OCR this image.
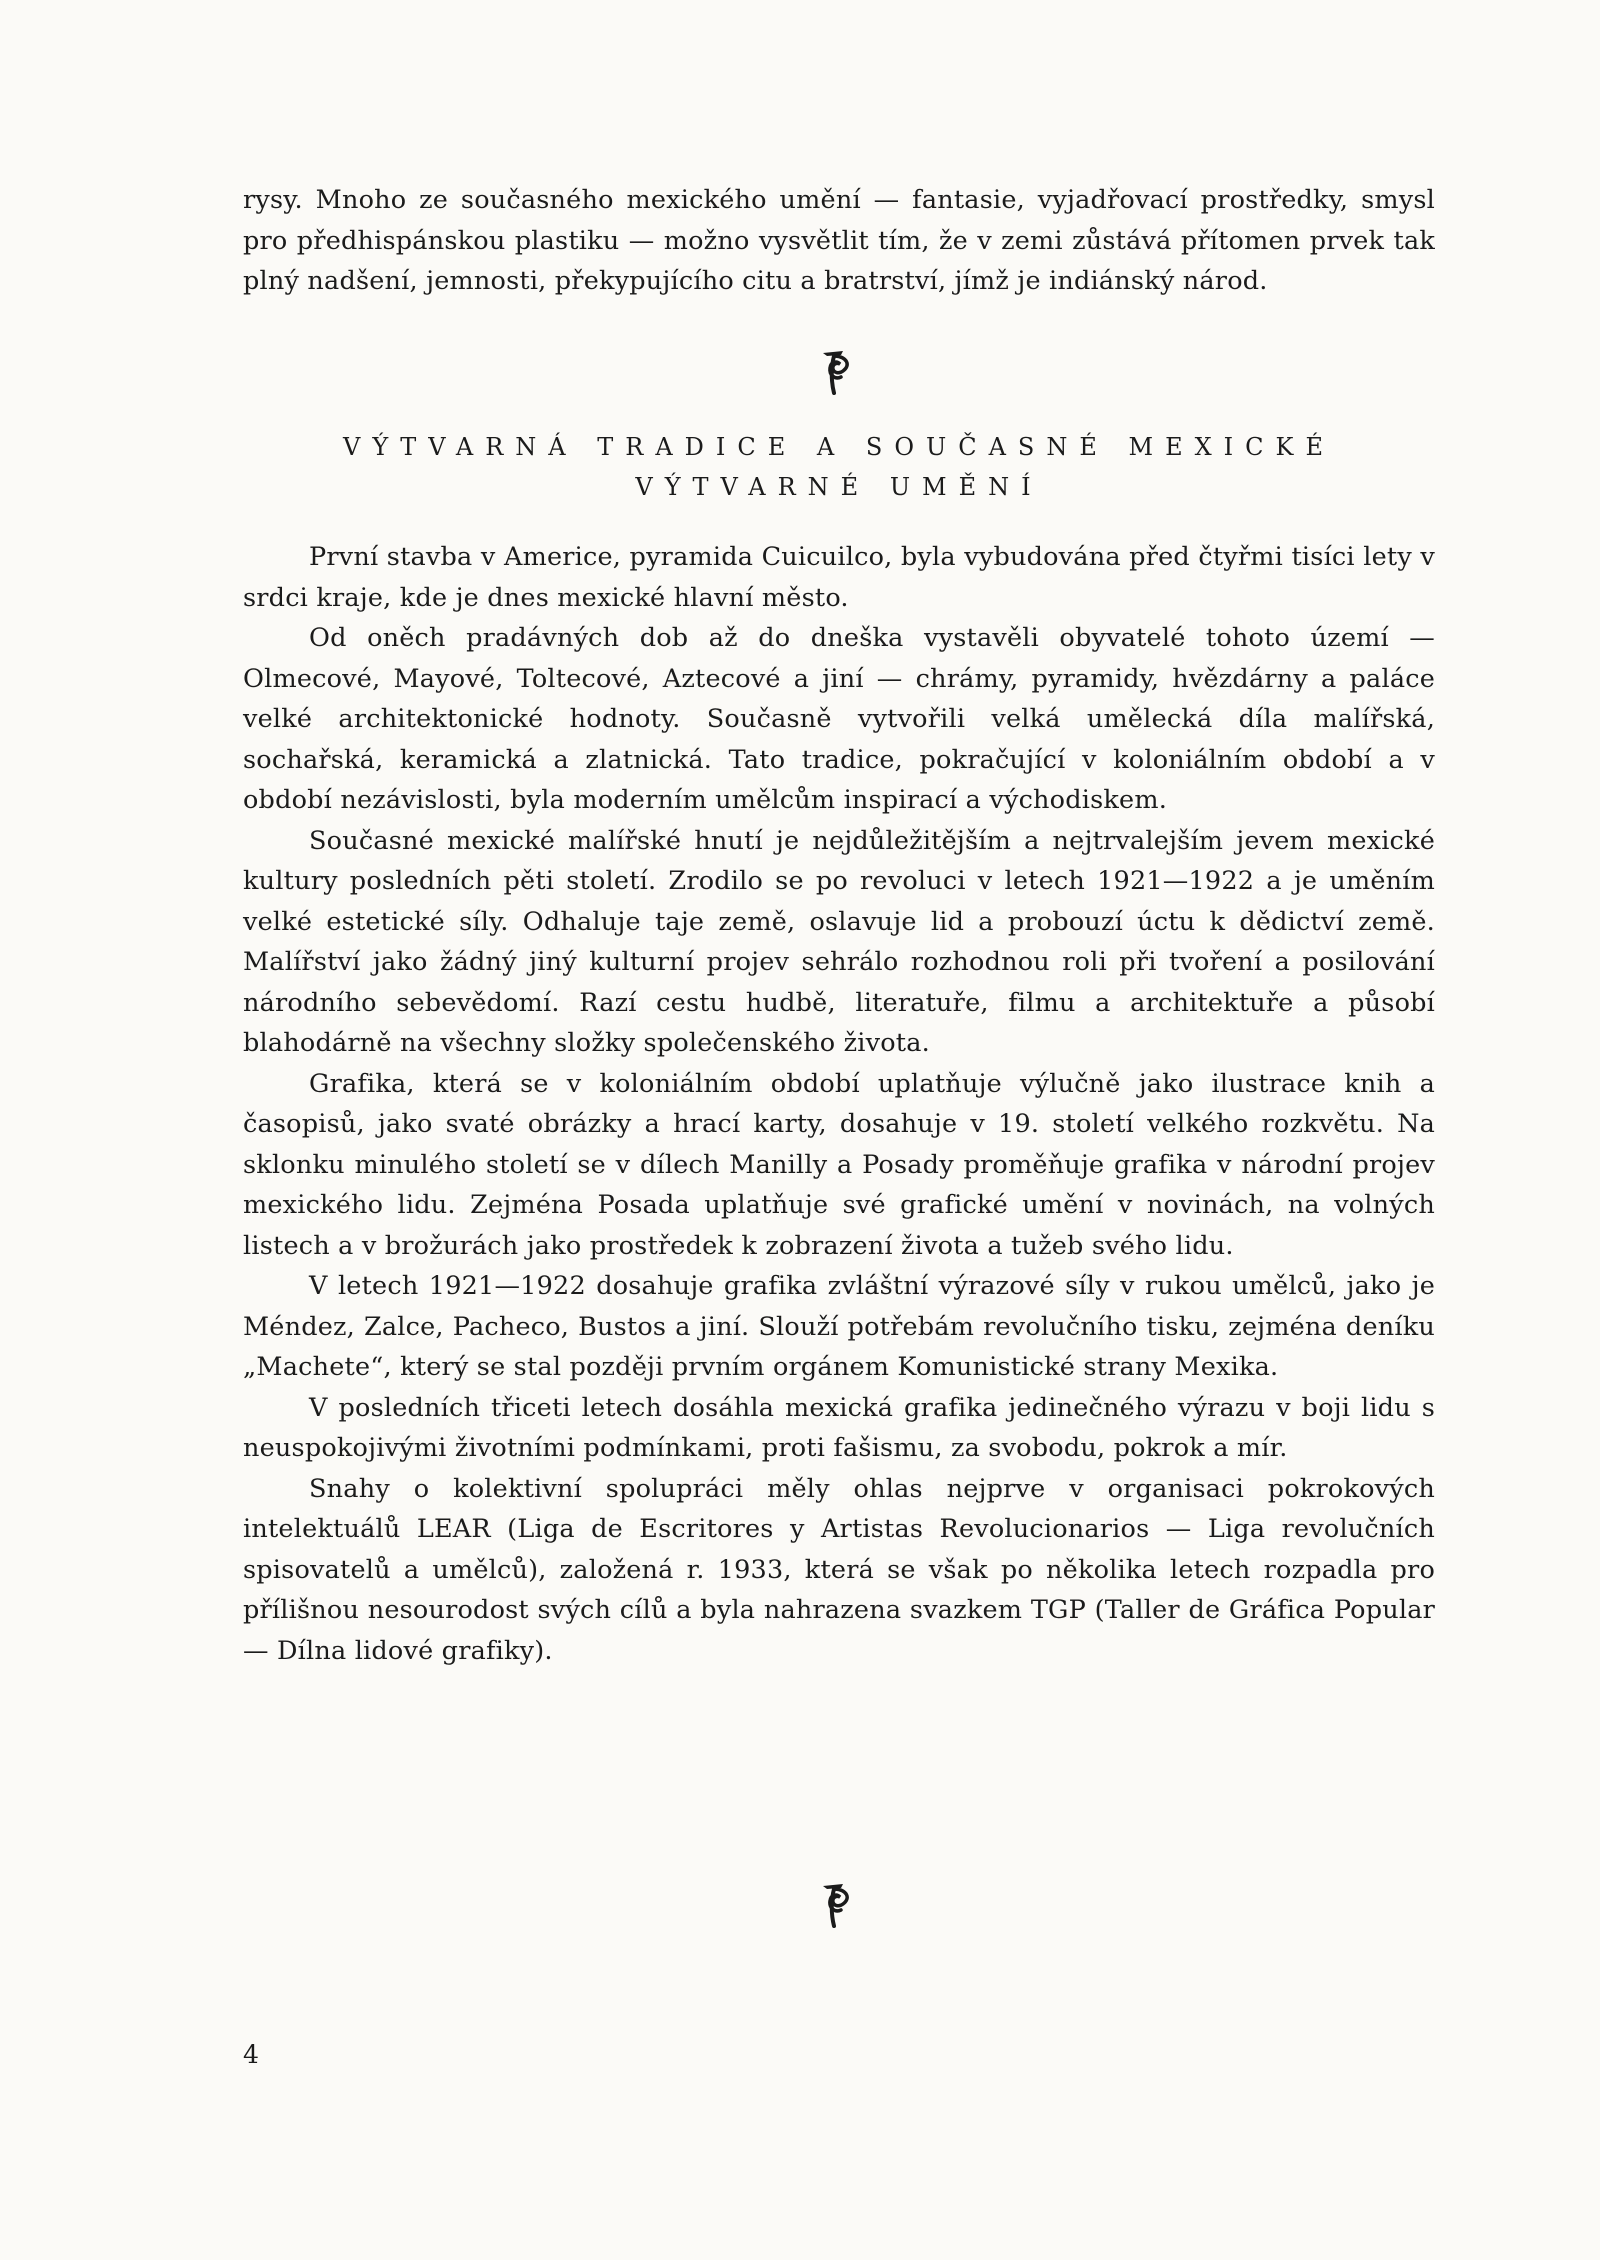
rysy. Mnoho ze současného mexického umění — fantasie, vyjadřovací prostředky, smysl pro předhispánskou plastiku — možno vysvětlit tím, že v zemi zůstává přítomen prvek tak plný nadšení, jemnosti, překypujícího citu a bratrství, jímž je indiánský národ.

VÝTVARNÁ TRADICE A SOUČASNÉ MEXICKÉ
VÝTVARNÉ UMĚNÍ

První stavba v Americe, pyramida Cuicuilco, byla vybudována před čtyřmi tisíci lety v srdci kraje, kde je dnes mexické hlavní město.

Od oněch pradávných dob až do dneška vystavěli obyvatelé tohoto území — Olmecové, Mayové, Toltecové, Aztecové a jiní — chrámy, pyramidy, hvězdárny a paláce velké architektonické hodnoty. Současně vytvořili velká umělecká díla malířská, sochařská, keramická a zlatnická. Tato tradice, pokračující v koloniálním období a v období nezávislosti, byla moderním umělcům inspirací a východiskem.

Současné mexické malířské hnutí je nejdůležitějším a nejtrvalejším jevem mexické kultury posledních pěti století. Zrodilo se po revoluci v letech 1921—1922 a je uměním velké estetické síly. Odhaluje taje země, oslavuje lid a probouzí úctu k dědictví země. Malířství jako žádný jiný kulturní projev sehrálo rozhodnou roli při tvoření a posilování národního sebevědomí. Razí cestu hudbě, literatuře, filmu a architektuře a působí blahodárně na všechny složky společenského života.

Grafika, která se v koloniálním období uplatňuje výlučně jako ilustrace knih a časopisů, jako svaté obrázky a hrací karty, dosahuje v 19. století velkého rozkvětu. Na sklonku minulého století se v dílech Manilly a Posady proměňuje grafika v národní projev mexického lidu. Zejména Posada uplatňuje své grafické umění v novinách, na volných listech a v brožurách jako prostředek k zobrazení života a tužeb svého lidu.

V letech 1921—1922 dosahuje grafika zvláštní výrazové síly v rukou umělců, jako je Méndez, Zalce, Pacheco, Bustos a jiní. Slouží potřebám revolučního tisku, zejména deníku „Machete“, který se stal později prvním orgánem Komunistické strany Mexika.

V posledních třiceti letech dosáhla mexická grafika jedinečného výrazu v boji lidu s neuspokojivými životními podmínkami, proti fašismu, za svobodu, pokrok a mír.

Snahy o kolektivní spolupráci měly ohlas nejprve v organisaci pokrokových intelektuálů LEAR (Liga de Escritores y Artistas Revolucionarios — Liga revolučních spisovatelů a umělců), založená r. 1933, která se však po několika letech rozpadla pro přílišnou nesourodost svých cílů a byla nahrazena svazkem TGP (Taller de Gráfica Popular — Dílna lidové grafiky).

4
